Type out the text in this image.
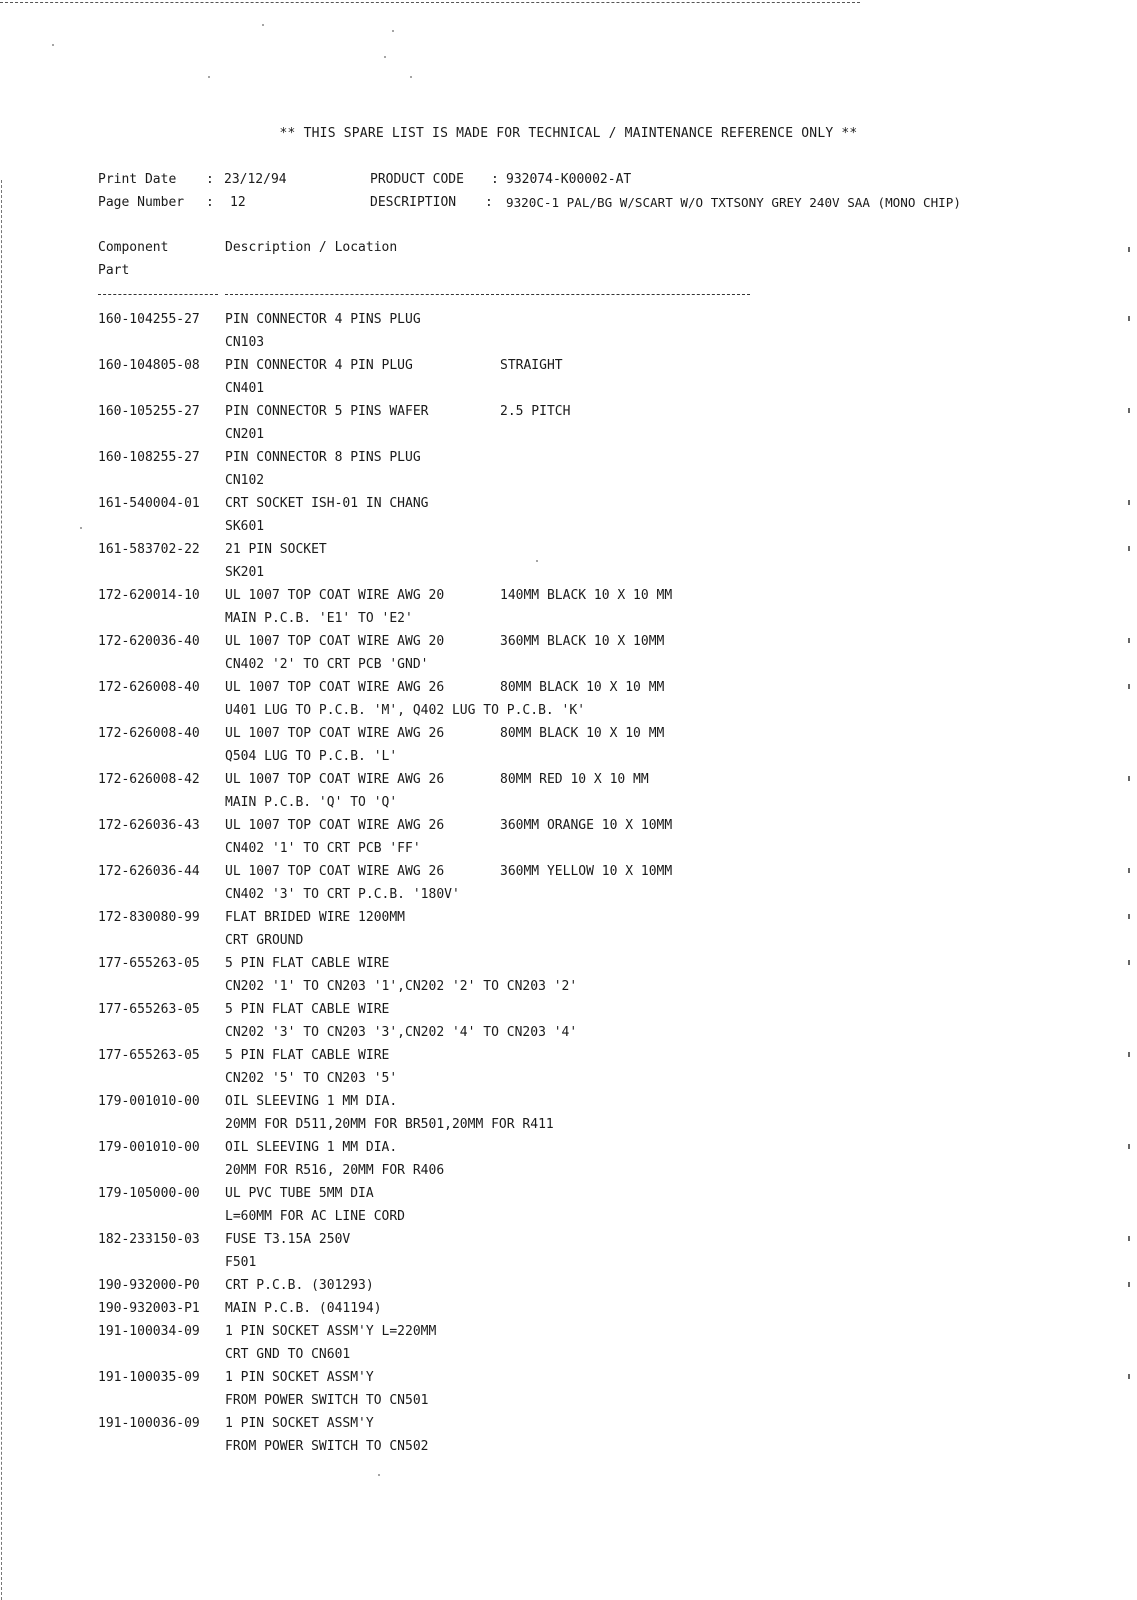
** THIS SPARE LIST IS MADE FOR TECHNICAL / MAINTENANCE REFERENCE ONLY **
Print Date : 23/12/94
Page Number : 12
PRODUCT CODE : 932074-K00002-AT
DESCRIPTION : 9320C-1 PAL/BG W/SCART W/O TXTSONY GREY 240V SAA (MONO CHIP)
Component
Part
Description / Location
160-104255-27 PIN CONNECTOR 4 PINS PLUG
CN103
160-104805-08 PIN CONNECTOR 4 PIN PLUG	STRAIGHT
CN401
160-105255-27 PIN CONNECTOR 5 PINS WAFER	2.5 PITCH
CN201
160-108255-27 PIN CONNECTOR 8 PINS PLUG
CN102
161-540004-01 CRT SOCKET ISH-01 IN CHANG
SK601
161-583702-22 21 PIN SOCKET
SK201
172-620014-10 UL 1007 TOP COAT WIRE AWG 20	140MM BLACK 10 X 10 MM
MAIN P.C.B. 'E1' TO 'E2'
172-620036-40 UL 1007 TOP COAT WIRE AWG 20	360MM BLACK 10 X 10MM
CN402 '2' TO CRT PCB 'GND'
172-626008-40 UL 1007 TOP COAT WIRE AWG 26	80MM BLACK 10 X 10 MM
U401 LUG TO P.C.B. 'M', Q402 LUG TO P.C.B. 'K'
172-626008-40 UL 1007 TOP COAT WIRE AWG 26	80MM BLACK 10 X 10 MM
Q504 LUG TO P.C.B. 'L'
172-626008-42 UL 1007 TOP COAT WIRE AWG 26	80MM RED 10 X 10 MM
MAIN P.C.B. 'Q' TO 'Q'
172-626036-43 UL 1007 TOP COAT WIRE AWG 26	360MM ORANGE 10 X 10MM
CN402 '1' TO CRT PCB 'FF'
172-626036-44 UL 1007 TOP COAT WIRE AWG 26	360MM YELLOW 10 X 10MM
CN402 '3' TO CRT P.C.B. '180V'
172-830080-99 FLAT BRIDED WIRE 1200MM
CRT GROUND
177-655263-05 5 PIN FLAT CABLE WIRE
CN202 '1' TO CN203 '1',CN202 '2' TO CN203 '2'
177-655263-05 5 PIN FLAT CABLE WIRE
CN202 '3' TO CN203 '3',CN202 '4' TO CN203 '4'
177-655263-05 5 PIN FLAT CABLE WIRE
CN202 '5' TO CN203 '5'
179-001010-00 OIL SLEEVING 1 MM DIA.
20MM FOR D511,20MM FOR BR501,20MM FOR R411
179-001010-00 OIL SLEEVING 1 MM DIA.
20MM FOR R516, 20MM FOR R406
179-105000-00 UL PVC TUBE 5MM DIA
L=60MM FOR AC LINE CORD
182-233150-03 FUSE T3.15A 250V
F501
190-932000-P0 CRT P.C.B. (301293)
190-932003-P1 MAIN P.C.B. (041194)
191-100034-09 1 PIN SOCKET ASSM'Y L=220MM
CRT GND TO CN601
191-100035-09 1 PIN SOCKET ASSM'Y
FROM POWER SWITCH TO CN501
191-100036-09 1 PIN SOCKET ASSM'Y
FROM POWER SWITCH TO CN502
